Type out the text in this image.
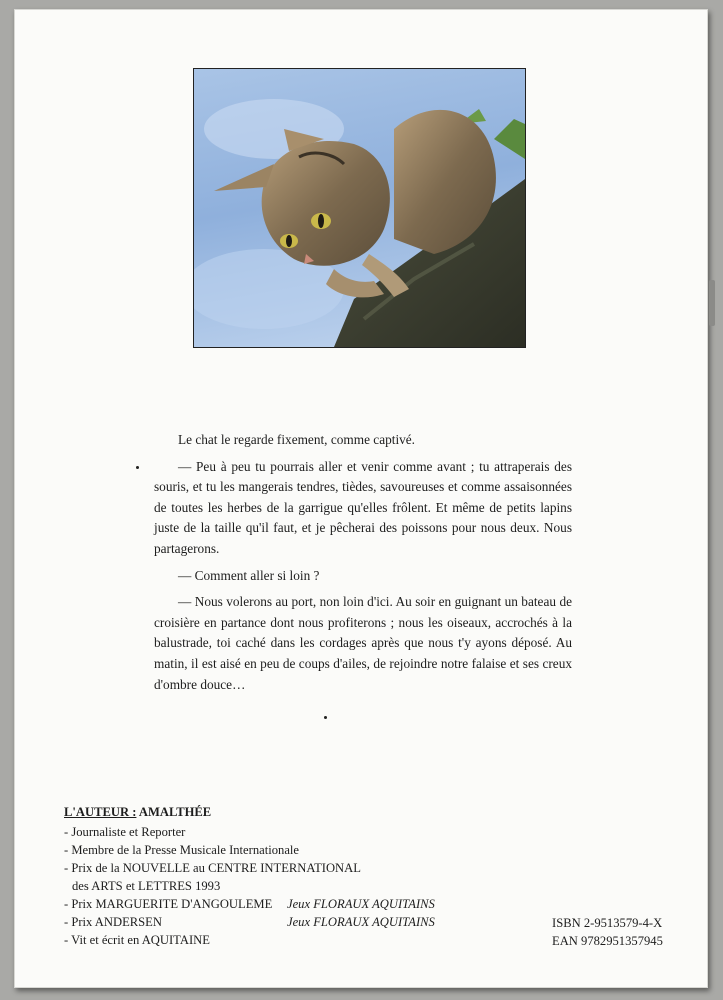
Le chat le regarde fixement, comme captivé.

— Peu à peu tu pourrais aller et venir comme avant ; tu attraperais des souris, et tu les mangerais tendres, tièdes, savoureuses et comme assaisonnées de toutes les herbes de la garrigue qu'elles frôlent. Et même de petits lapins juste de la taille qu'il faut, et je pêcherai des poissons pour nous deux. Nous partagerons.

— Comment aller si loin ?

— Nous volerons au port, non loin d'ici. Au soir en guignant un bateau de croisière en partance dont nous profiterons ; nous les oiseaux, accrochés à la balustrade, toi caché dans les cordages après que nous t'y ayons déposé. Au matin, il est aisé en peu de coups d'ailes, de rejoindre notre falaise et ses creux d'ombre douce…

L'AUTEUR : AMALTHÉE
- Journaliste et Reporter
- Membre de la Presse Musicale Internationale
- Prix de la NOUVELLE au CENTRE INTERNATIONAL
des ARTS et LETTRES 1993
- Prix MARGUERITE D'ANGOULEME Jeux FLORAUX AQUITAINS
- Prix ANDERSEN	Jeux FLORAUX AQUITAINS
- Vit et écrit en AQUITAINE
ISBN 2-9513579-4-X
EAN 9782951357945
